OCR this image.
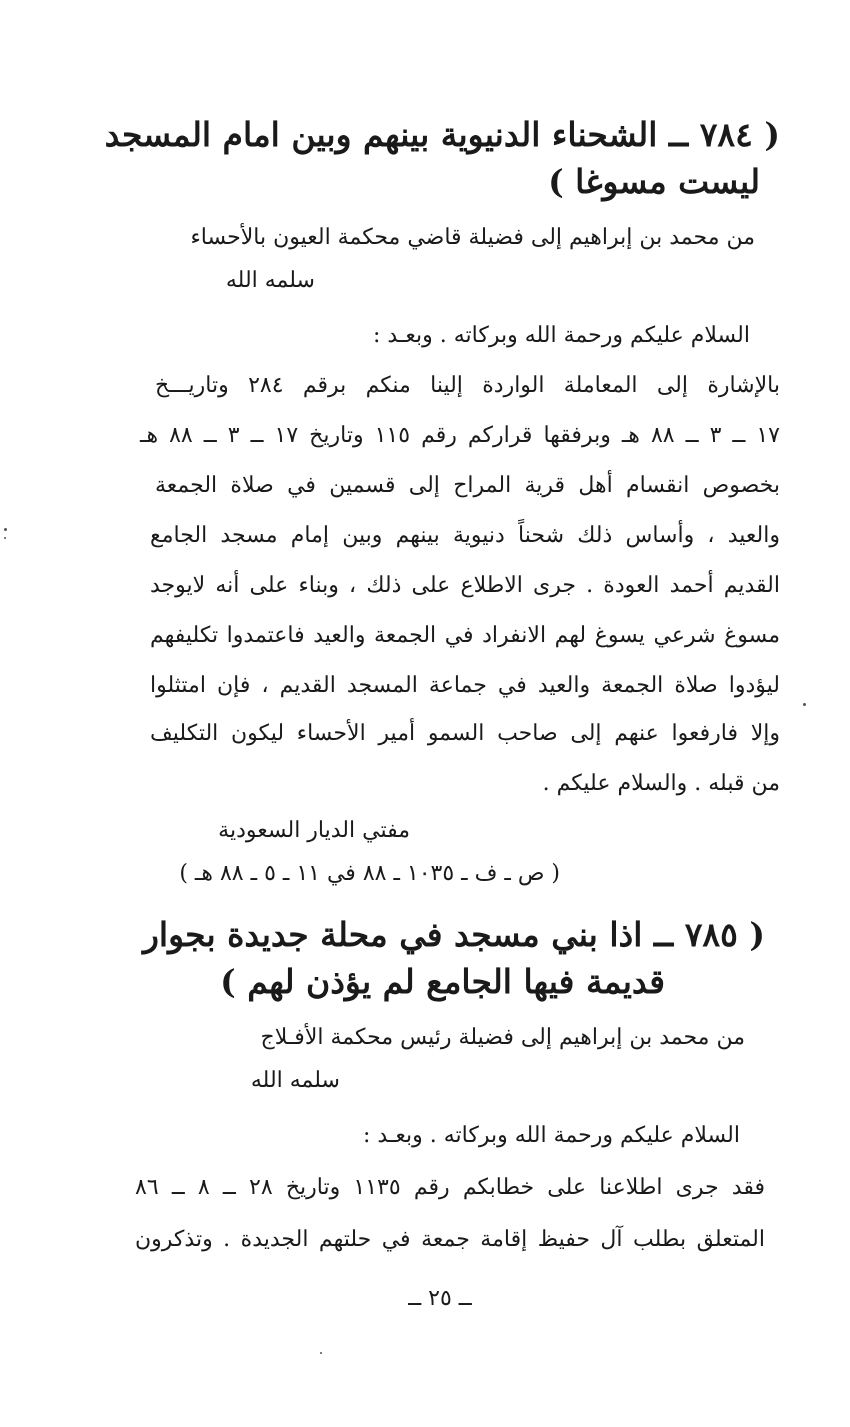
( ٧٨٤ ــ الشحناء الدنيوية بينهم وبين امام المسجد
ليست مسوغا )
من محمد بن إبراهيم إلى فضيلة قاضي محكمة العيون بالأحساء
سلمه الله
السلام عليكم ورحمة الله وبركاته . وبعـد :
بالإشارة إلى المعاملة الواردة إلينا منكم برقم ٢٨٤ وتاريـــخ
١٧ ــ ٣ ــ ٨٨ هـ وبرفقها قراركم رقم ١١٥ وتاريخ ١٧ ــ ٣ ــ ٨٨ هـ
بخصوص انقسام أهل قرية المراح إلى قسمين في صلاة الجمعة
والعيد ، وأساس ذلك شحناً دنيوية بينهم وبين إمام مسجد الجامع
القديم أحمد العودة . جرى الاطلاع على ذلك ، وبناء على أنه لايوجد
مسوغ شرعي يسوغ لهم الانفراد في الجمعة والعيد فاعتمدوا تكليفهم
ليؤدوا صلاة الجمعة والعيد في جماعة المسجد القديم ، فإن امتثلوا
وإلا فارفعوا عنهم إلى صاحب السمو أمير الأحساء ليكون التكليف
من قبله . والسلام عليكم .
مفتي الديار السعودية
( ص ـ ف ـ ١٠٣٥ ـ ٨٨ في ١١ ـ ٥ ـ ٨٨ هـ )
( ٧٨٥ ــ اذا بني مسجد في محلة جديدة بجوار
قديمة فيها الجامع لم يؤذن لهم )
من محمد بن إبراهيم إلى فضيلة رئيس محكمة الأفـلاج
سلمه الله
السلام عليكم ورحمة الله وبركاته . وبعـد :
فقد جرى اطلاعنا على خطابكم رقم ١١٣٥ وتاريخ ٢٨ ــ ٨ ــ ٨٦
المتعلق بطلب آل حفيظ إقامة جمعة في حلتهم الجديدة . وتذكرون
ــ ٢٥ ــ
